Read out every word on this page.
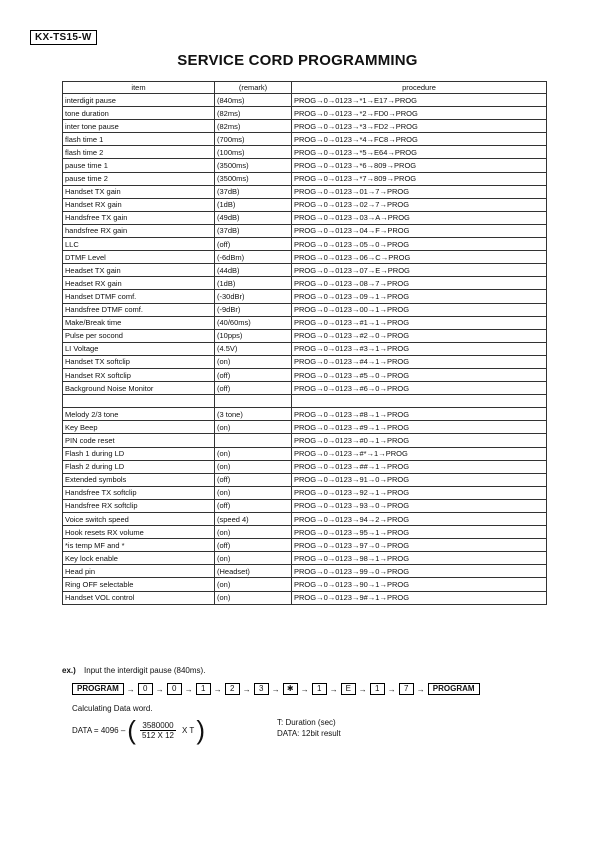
KX-TS15-W
SERVICE CORD PROGRAMMING
item	(remark)	procedure
interdigit pause	(840ms)	PROG→0→0123→*1→E17→PROG
tone duration	(82ms)	PROG→0→0123→*2→FD0→PROG
inter tone pause	(82ms)	PROG→0→0123→*3→FD2→PROG
flash time 1	(700ms)	PROG→0→0123→*4→FC8→PROG
flash time 2	(100ms)	PROG→0→0123→*5→E64→PROG
pause time 1	(3500ms)	PROG→0→0123→*6→809→PROG
pause time 2	(3500ms)	PROG→0→0123→*7→809→PROG
Handset TX gain	(37dB)	PROG→0→0123→01→7→PROG
Handset RX gain	(1dB)	PROG→0→0123→02→7→PROG
Handsfree TX gain	(49dB)	PROG→0→0123→03→A→PROG
handsfree RX gain	(37dB)	PROG→0→0123→04→F→PROG
LLC	(off)	PROG→0→0123→05→0→PROG
DTMF Level	(-6dBm)	PROG→0→0123→06→C→PROG
Headset TX gain	(44dB)	PROG→0→0123→07→E→PROG
Headset RX gain	(1dB)	PROG→0→0123→08→7→PROG
Handset DTMF comf.	(-30dBr)	PROG→0→0123→09→1→PROG
Handsfree DTMF comf.	(-9dBr)	PROG→0→0123→00→1→PROG
Make/Break time	(40/60ms)	PROG→0→0123→#1→1→PROG
Pulse per socond	(10pps)	PROG→0→0123→#2→0→PROG
LI Voltage	(4.5V)	PROG→0→0123→#3→1→PROG
Handset TX softclip	(on)	PROG→0→0123→#4→1→PROG
Handset RX softclip	(off)	PROG→0→0123→#5→0→PROG
Background Noise Monitor	(off)	PROG→0→0123→#6→0→PROG

Melody 2/3 tone	(3 tone)	PROG→0→0123→#8→1→PROG
Key Beep	(on)	PROG→0→0123→#9→1→PROG
PIN code reset		PROG→0→0123→#0→1→PROG
Flash 1 during LD	(on)	PROG→0→0123→#*→1→PROG
Flash 2 during LD	(on)	PROG→0→0123→##→1→PROG
Extended symbols	(off)	PROG→0→0123→91→0→PROG
Handsfree TX softclip	(on)	PROG→0→0123→92→1→PROG
Handsfree RX softclip	(off)	PROG→0→0123→93→0→PROG
Voice switch speed	(speed 4)	PROG→0→0123→94→2→PROG
Hook resets RX volume	(on)	PROG→0→0123→95→1→PROG
*is temp MF and *	(off)	PROG→0→0123→97→0→PROG
Key lock enable	(on)	PROG→0→0123→98→1→PROG
Head pin	(Headset)	PROG→0→0123→99→0→PROG
Ring OFF selectable	(on)	PROG→0→0123→90→1→PROG
Handset VOL control	(on)	PROG→0→0123→9#→1→PROG
ex.) Input the interdigit pause (840ms).
PROGRAM	→	0	→	0	→	1	→	2	→	3	→ ✱ →	1	→ E →	1	→	7	→	PROGRAM
Calculating Data word.
DATA = 4096 – ( $\frac{3580000}{512 X 12}$ X T )	T: Duration (sec)
DATA: 12bit result
